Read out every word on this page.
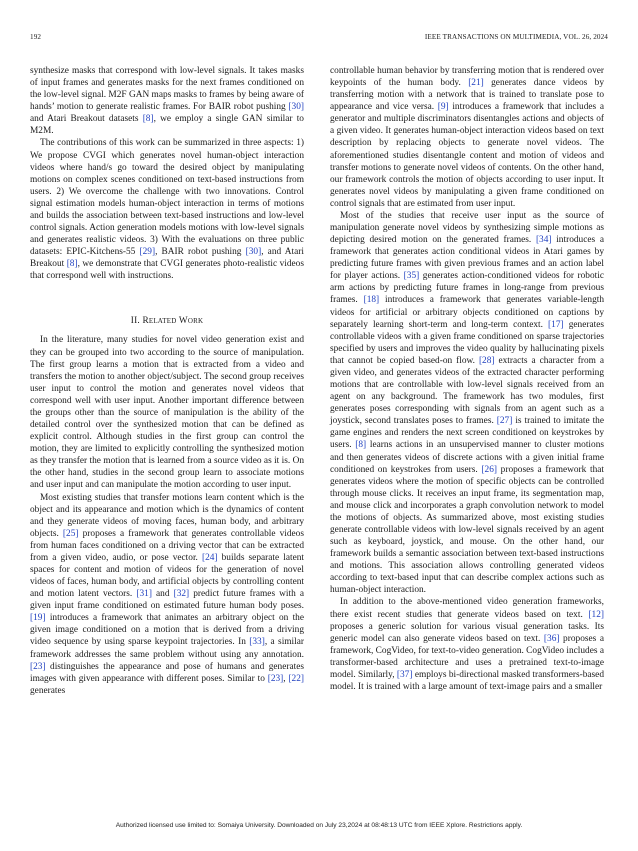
192	IEEE TRANSACTIONS ON MULTIMEDIA, VOL. 26, 2024

synthesize masks that correspond with low-level signals. It takes masks of input frames and generates masks for the next frames conditioned on the low-level signal. M2F GAN maps masks to frames by being aware of hands’ motion to generate realistic frames. For BAIR robot pushing [30] and Atari Breakout datasets [8], we employ a single GAN similar to M2M.

The contributions of this work can be summarized in three aspects: 1) We propose CVGI which generates novel human-object interaction videos where hand/s go toward the desired object by manipulating motions on complex scenes conditioned on text-based instructions from users. 2) We overcome the challenge with two innovations. Control signal estimation models human-object interaction in terms of motions and builds the association between text-based instructions and low-level control signals. Action generation models motions with low-level signals and generates realistic videos. 3) With the evaluations on three public datasets: EPIC-Kitchens-55 [29], BAIR robot pushing [30], and Atari Breakout [8], we demonstrate that CVGI generates photo-realistic videos that correspond well with instructions.

II. Related Work

In the literature, many studies for novel video generation exist and they can be grouped into two according to the source of manipulation. The first group learns a motion that is extracted from a video and transfers the motion to another object/subject. The second group receives user input to control the motion and generates novel videos that correspond well with user input. Another important difference between the groups other than the source of manipulation is the ability of the detailed control over the synthesized motion that can be defined as explicit control. Although studies in the first group can control the motion, they are limited to explicitly controlling the synthesized motion as they transfer the motion that is learned from a source video as it is. On the other hand, studies in the second group learn to associate motions and user input and can manipulate the motion according to user input.

Most existing studies that transfer motions learn content which is the object and its appearance and motion which is the dynamics of content and they generate videos of moving faces, human body, and arbitrary objects. [25] proposes a framework that generates controllable videos from human faces conditioned on a driving vector that can be extracted from a given video, audio, or pose vector. [24] builds separate latent spaces for content and motion of videos for the generation of novel videos of faces, human body, and artificial objects by controlling content and motion latent vectors. [31] and [32] predict future frames with a given input frame conditioned on estimated future human body poses. [19] introduces a framework that animates an arbitrary object on the given image conditioned on a motion that is derived from a driving video sequence by using sparse keypoint trajectories. In [33], a similar framework addresses the same problem without using any annotation. [23] distinguishes the appearance and pose of humans and generates images with given appearance with different poses. Similar to [23], [22] generates

controllable human behavior by transferring motion that is rendered over keypoints of the human body. [21] generates dance videos by transferring motion with a network that is trained to translate pose to appearance and vice versa. [9] introduces a framework that includes a generator and multiple discriminators disentangles actions and objects of a given video. It generates human-object interaction videos based on text description by replacing objects to generate novel videos. The aforementioned studies disentangle content and motion of videos and transfer motions to generate novel videos of contents. On the other hand, our framework controls the motion of objects according to user input. It generates novel videos by manipulating a given frame conditioned on control signals that are estimated from user input.

Most of the studies that receive user input as the source of manipulation generate novel videos by synthesizing simple motions as depicting desired motion on the generated frames. [34] introduces a framework that generates action conditional videos in Atari games by predicting future frames with given previous frames and an action label for player actions. [35] generates action-conditioned videos for robotic arm actions by predicting future frames in long-range from previous frames. [18] introduces a framework that generates variable-length videos for artificial or arbitrary objects conditioned on captions by separately learning short-term and long-term context. [17] generates controllable videos with a given frame conditioned on sparse trajectories specified by users and improves the video quality by hallucinating pixels that cannot be copied based-on flow. [28] extracts a character from a given video, and generates videos of the extracted character performing motions that are controllable with low-level signals received from an agent on any background. The framework has two modules, first generates poses corresponding with signals from an agent such as a joystick, second translates poses to frames. [27] is trained to imitate the game engines and renders the next screen conditioned on keystrokes by users. [8] learns actions in an unsupervised manner to cluster motions and then generates videos of discrete actions with a given initial frame conditioned on keystrokes from users. [26] proposes a framework that generates videos where the motion of specific objects can be controlled through mouse clicks. It receives an input frame, its segmentation map, and mouse click and incorporates a graph convolution network to model the motions of objects. As summarized above, most existing studies generate controllable videos with low-level signals received by an agent such as keyboard, joystick, and mouse. On the other hand, our framework builds a semantic association between text-based instructions and motions. This association allows controlling generated videos according to text-based input that can describe complex actions such as human-object interaction.

In addition to the above-mentioned video generation frameworks, there exist recent studies that generate videos based on text. [12] proposes a generic solution for various visual generation tasks. Its generic model can also generate videos based on text. [36] proposes a framework, CogVideo, for text-to-video generation. CogVideo includes a transformer-based architecture and uses a pretrained text-to-image model. Similarly, [37] employs bi-directional masked transformers-based model. It is trained with a large amount of text-image pairs and a smaller

Authorized licensed use limited to: Somaiya University. Downloaded on July 23,2024 at 08:48:13 UTC from IEEE Xplore. Restrictions apply.
